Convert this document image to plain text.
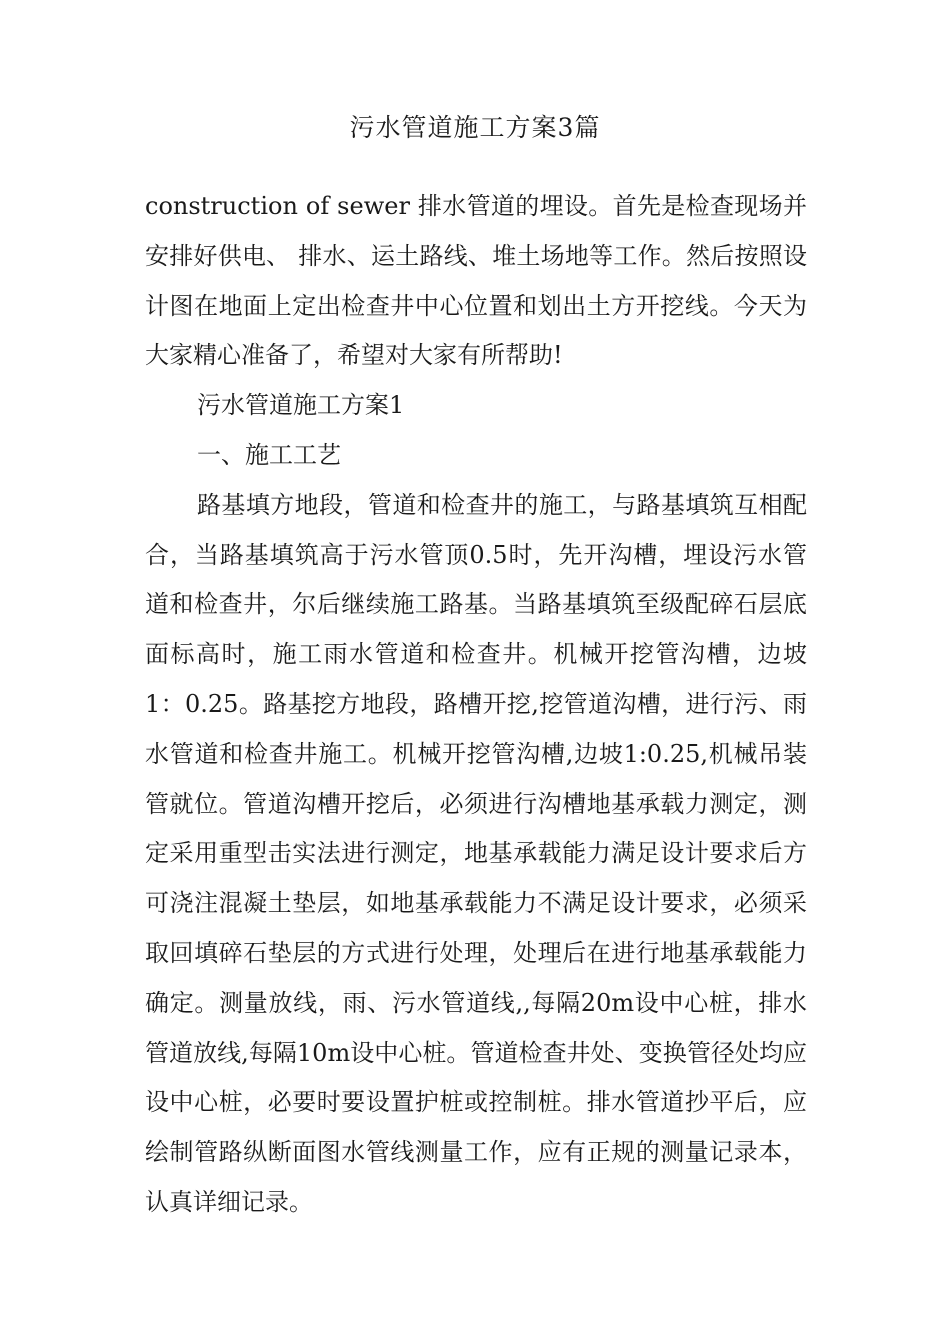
污水管道施工方案3篇

construction of sewer 排水管道的埋设。首先是检查现场并安排好供电、 排水、运土路线、堆土场地等工作。然后按照设计图在地面上定出检查井中心位置和划出土方开挖线。今天为大家精心准备了，希望对大家有所帮助!

污水管道施工方案1

一、施工工艺

路基填方地段，管道和检查井的施工，与路基填筑互相配合，当路基填筑高于污水管顶0.5时，先开沟槽，埋设污水管道和检查井，尔后继续施工路基。当路基填筑至级配碎石层底面标高时，施工雨水管道和检查井。机械开挖管沟槽，边坡1：0.25。路基挖方地段，路槽开挖,挖管道沟槽，进行污、雨水管道和检查井施工。机械开挖管沟槽,边坡1:0.25,机械吊装管就位。管道沟槽开挖后，必须进行沟槽地基承载力测定，测定采用重型击实法进行测定，地基承载能力满足设计要求后方可浇注混凝土垫层，如地基承载能力不满足设计要求，必须采取回填碎石垫层的方式进行处理，处理后在进行地基承载能力确定。测量放线，雨、污水管道线,,每隔20m设中心桩，排水管道放线,每隔10m设中心桩。管道检查井处、变换管径处均应设中心桩，必要时要设置护桩或控制桩。排水管道抄平后，应绘制管路纵断面图水管线测量工作，应有正规的测量记录本，认真详细记录。
